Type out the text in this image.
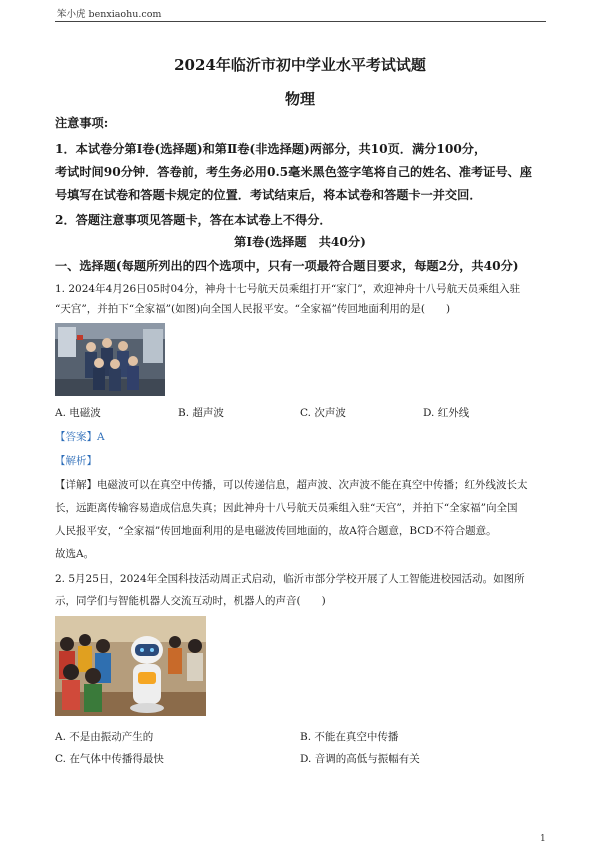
笨小虎 benxiaohu.com
2024年临沂市初中学业水平考试试题
物理
注意事项:
1．本试卷分第Ⅰ卷(选择题)和第Ⅱ卷(非选择题)两部分，共10页．满分100分，
考试时间90分钟．答卷前，考生务必用0.5毫米黑色签字笔将自己的姓名、准考证号、座
号填写在试卷和答题卡规定的位置．考试结束后，将本试卷和答题卡一并交回．
2．答题注意事项见答题卡，答在本试卷上不得分．
第Ⅰ卷(选择题　共40分)
一、选择题(每题所列出的四个选项中，只有一项最符合题目要求，每题2分，共40分)
1. 2024年4月26日05时04分，神舟十七号航天员乘组打开“家门”，欢迎神舟十八号航天员乘组入驻
“天宫”，并拍下“全家福”(如图)向全国人民报平安。“全家福”传回地面利用的是(　　)
A. 电磁波	B. 超声波	C. 次声波	D. 红外线
【答案】A
【解析】
【详解】电磁波可以在真空中传播，可以传递信息，超声波、次声波不能在真空中传播；红外线波长太
长，远距离传输容易造成信息失真；因此神舟十八号航天员乘组入驻“天宫”，并拍下“全家福”向全国
人民报平安，“全家福”传回地面利用的是电磁波传回地面的，故A符合题意，BCD不符合题意。
故选A。
2. 5月25日，2024年全国科技活动周正式启动，临沂市部分学校开展了人工智能进校园活动。如图所
示，同学们与智能机器人交流互动时，机器人的声音(　　)
A. 不是由振动产生的	B. 不能在真空中传播
C. 在气体中传播得最快	D. 音调的高低与振幅有关
1
